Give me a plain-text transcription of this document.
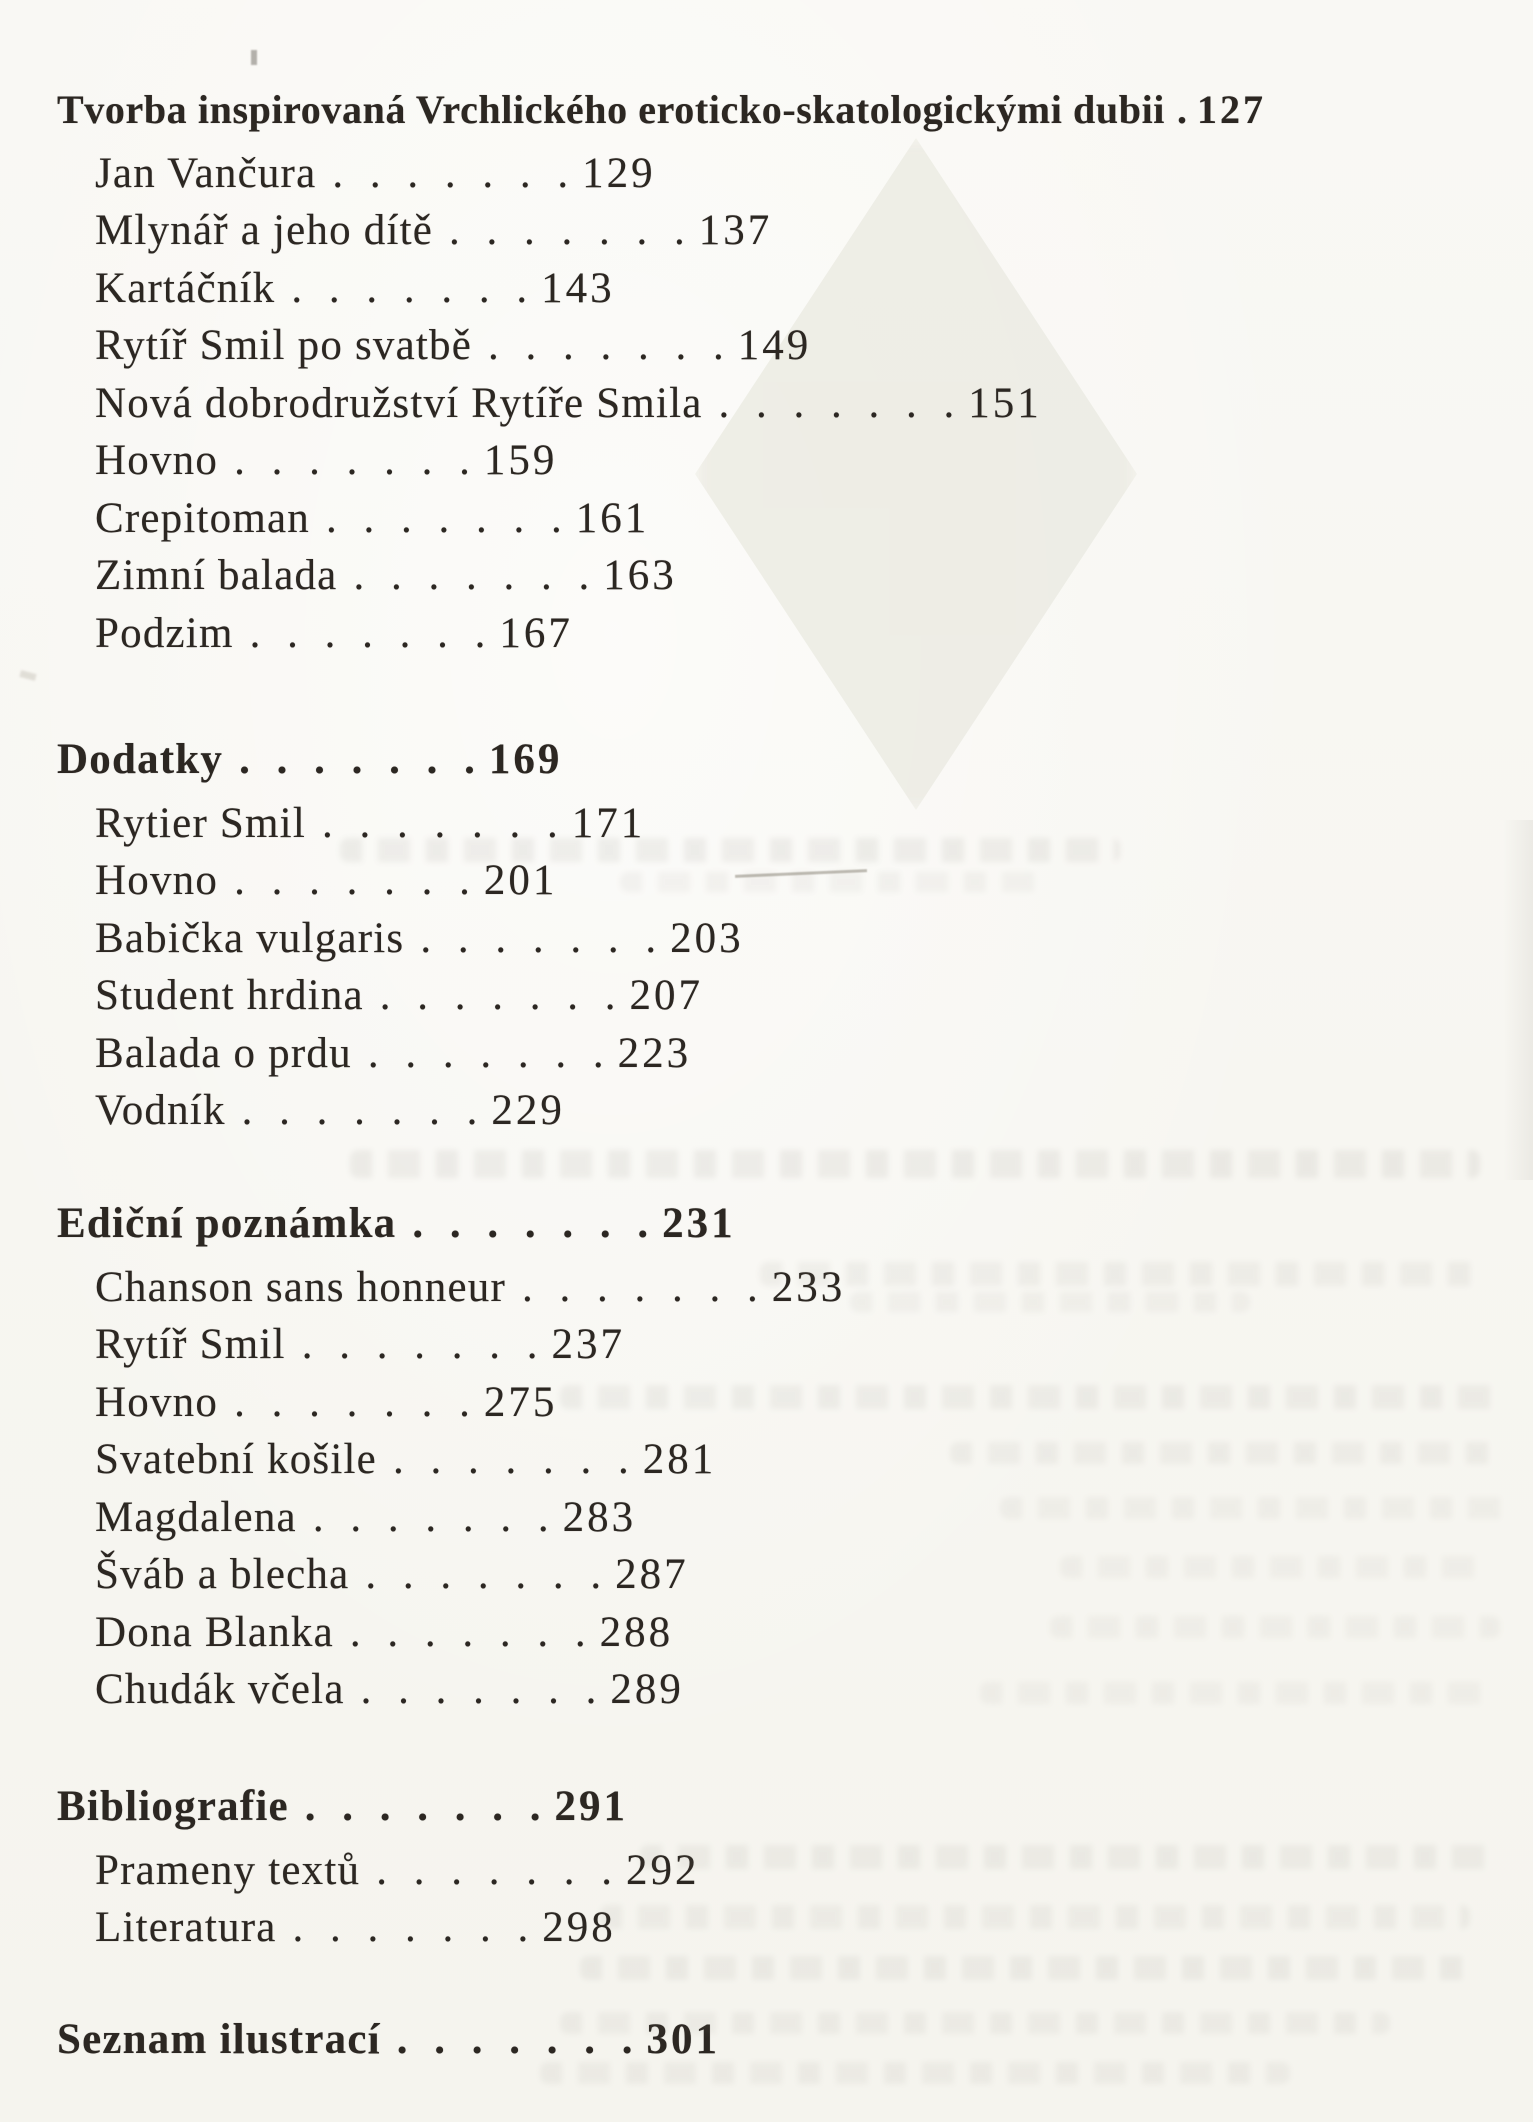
Tvorba inspirovaná Vrchlického eroticko-skatologickými dubii . 127
Jan Vančura . . . . . . . 129
Mlynář a jeho dítě . . . . . . . 137
Kartáčník . . . . . . . 143
Rytíř Smil po svatbě . . . . . . . 149
Nová dobrodružství Rytíře Smila . . . . . . . 151
Hovno . . . . . . . 159
Crepitoman . . . . . . . 161
Zimní balada . . . . . . . 163
Podzim . . . . . . . 167
Dodatky . . . . . . . 169
Rytier Smil . . . . . . . 171
Hovno . . . . . . . 201
Babička vulgaris . . . . . . . 203
Student hrdina . . . . . . . 207
Balada o prdu . . . . . . . 223
Vodník . . . . . . . 229
Ediční poznámka . . . . . . . 231
Chanson sans honneur . . . . . . . 233
Rytíř Smil . . . . . . . 237
Hovno . . . . . . . 275
Svatební košile . . . . . . . 281
Magdalena . . . . . . . 283
Šváb a blecha . . . . . . . 287
Dona Blanka . . . . . . . 288
Chudák včela . . . . . . . 289
Bibliografie . . . . . . . 291
Prameny textů . . . . . . . 292
Literatura . . . . . . . 298
Seznam ilustrací . . . . . . . 301
